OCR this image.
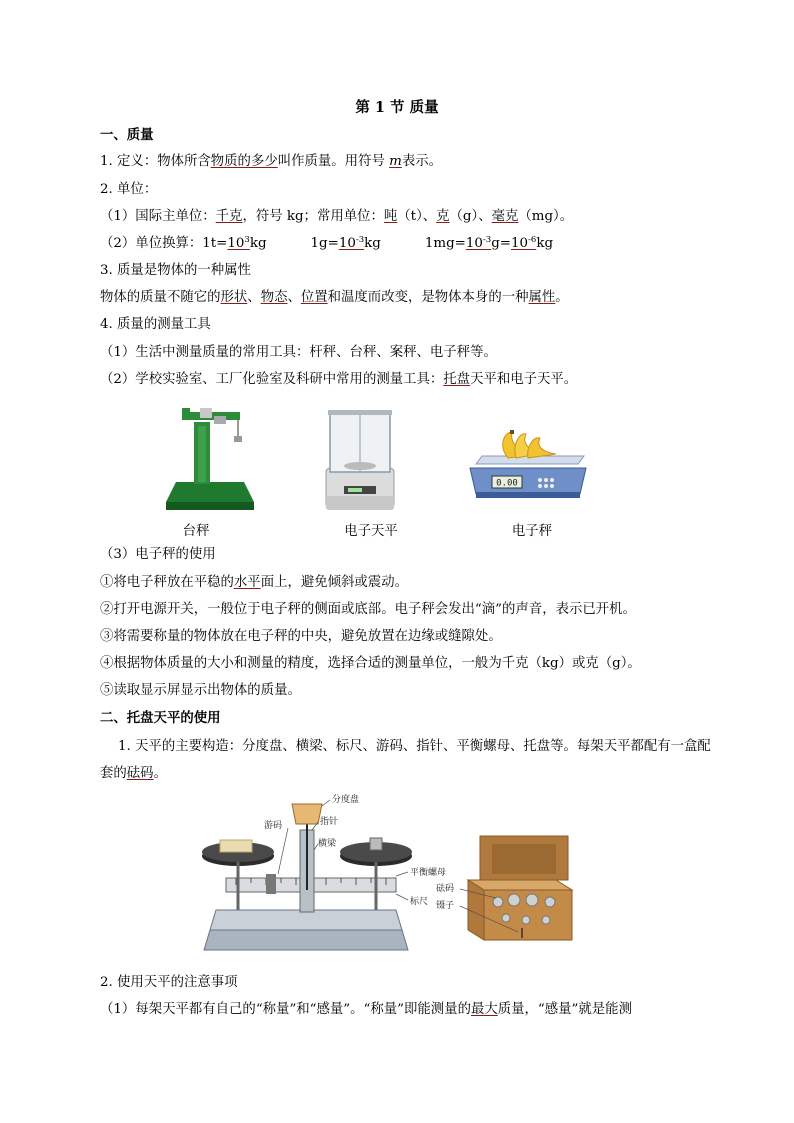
第 1 节 质量
一、质量
1. 定义：物体所含物质的多少叫作质量。用符号 m表示。
2. 单位：
（1）国际主单位：千克，符号 kg；常用单位：吨（t）、克（g）、毫克（mg）。
（2）单位换算：$1t=10^3kg$	$1g=10^{-3}kg$	$1mg=10^{-3}g=10^{-6}kg$
3. 质量是物体的一种属性
物体的质量不随它的形状、物态、位置和温度而改变，是物体本身的一种属性。
4. 质量的测量工具
（1）生活中测量质量的常用工具：杆秤、台秤、案秤、电子秤等。
（2）学校实验室、工厂化验室及科研中常用的测量工具：托盘天平和电子天平。
0.00
台秤	电子天平	电子秤
（3）电子秤的使用
①将电子秤放在平稳的水平面上，避免倾斜或震动。
②打开电源开关，一般位于电子秤的侧面或底部。电子秤会发出“滴”的声音，表示已开机。
③将需要称量的物体放在电子秤的中央，避免放置在边缘或缝隙处。
④根据物体质量的大小和测量的精度，选择合适的测量单位，一般为千克（kg）或克（g）。
⑤读取显示屏显示出物体的质量。
二、托盘天平的使用
1. 天平的主要构造：分度盘、横梁、标尺、游码、指针、平衡螺母、托盘等。每架天平都配有一盒配
套的砝码。
分度盘
游码	指针
横梁
平衡螺母
标尺
砝码
镊子
2. 使用天平的注意事项
（1）每架天平都有自己的“称量”和“感量”。“称量”即能测量的最大质量，“感量”就是能测
